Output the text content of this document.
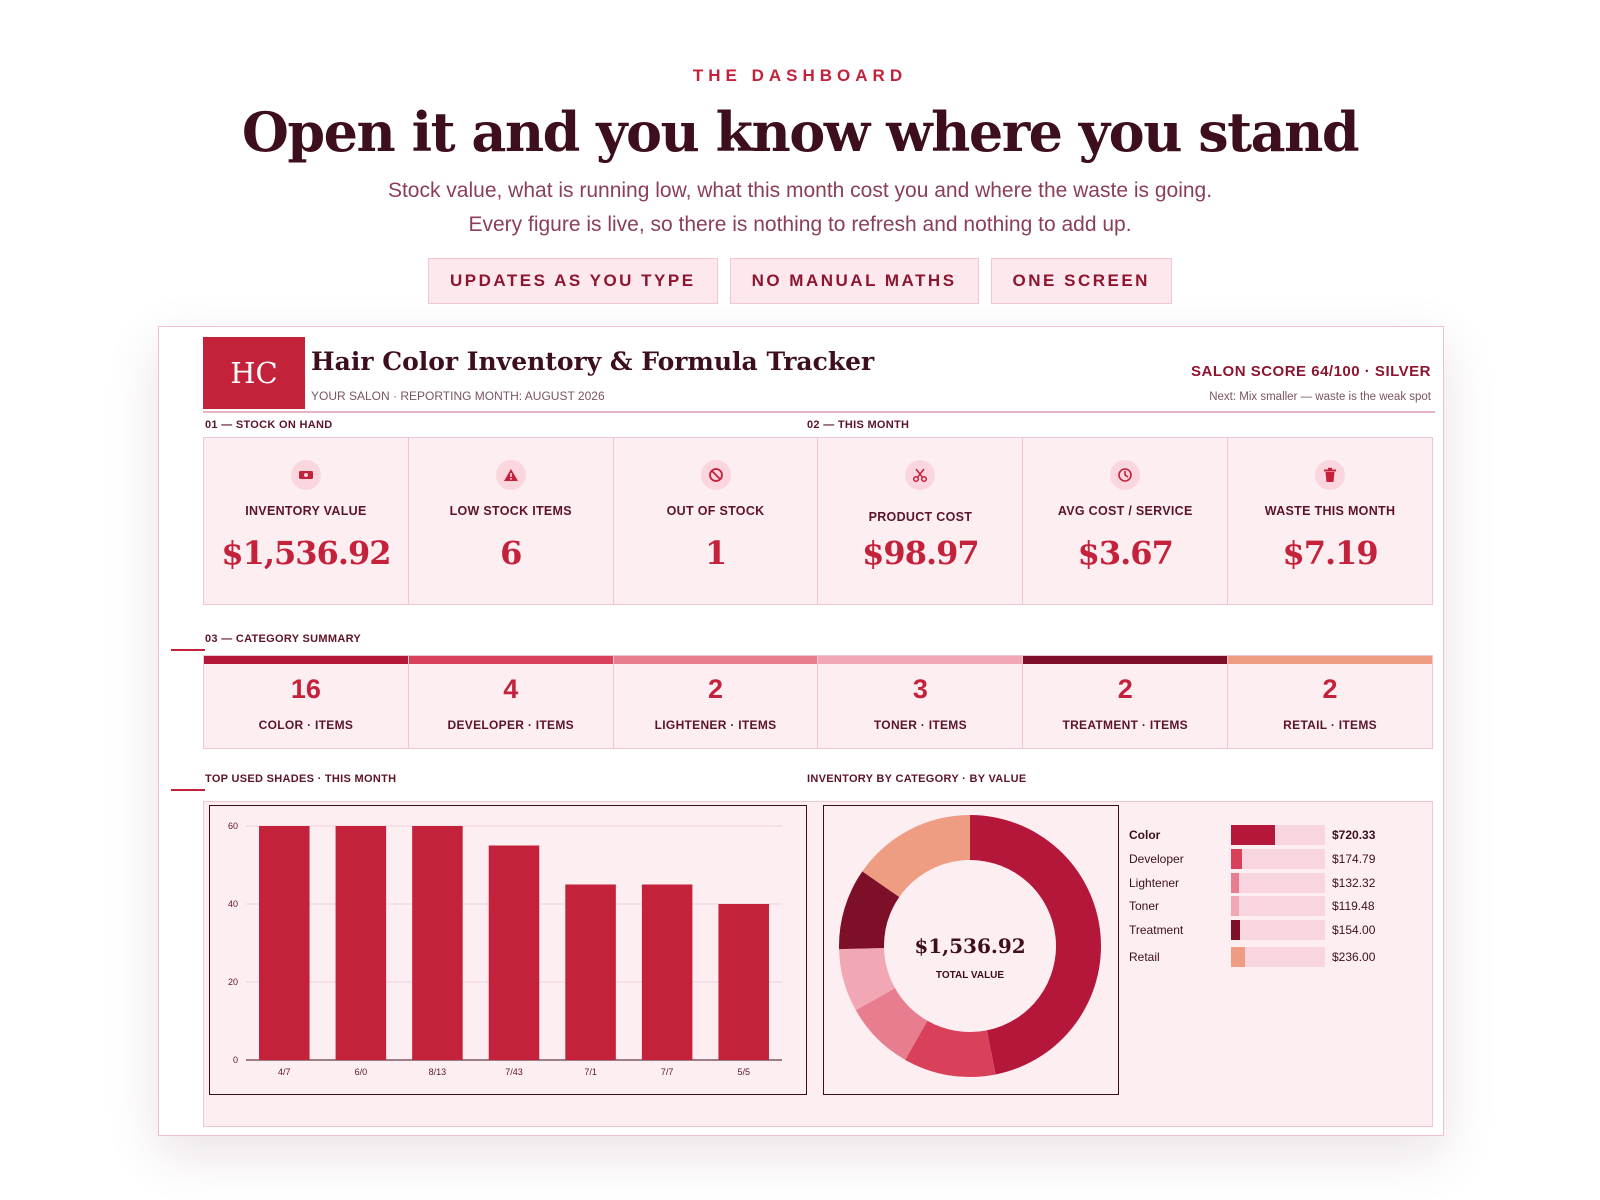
THE DASHBOARD
Open it and you know where you stand
Stock value, what is running low, what this month cost you and where the waste is going. Every figure is live, so there is nothing to refresh and nothing to add up.
UPDATES AS YOU TYPE	NO MANUAL MATHS	ONE SCREEN
HC	Hair Color Inventory & Formula Tracker
YOUR SALON · REPORTING MONTH: AUGUST 2026
SALON SCORE 64/100 · SILVER
Next: Mix smaller — waste is the weak spot
01 — STOCK ON HAND	02 — THIS MONTH
INVENTORY VALUE
$1,536.92
LOW STOCK ITEMS
6
OUT OF STOCK
1
PRODUCT COST
$98.97
AVG COST / SERVICE
$3.67
WASTE THIS MONTH
$7.19
03 — CATEGORY SUMMARY
16
COLOR · ITEMS
4
DEVELOPER · ITEMS
2
LIGHTENER · ITEMS
3
TONER · ITEMS
2
TREATMENT · ITEMS
2
RETAIL · ITEMS
TOP USED SHADES · THIS MONTH	INVENTORY BY CATEGORY · BY VALUE
0
20
40
60
4/7	6/0	8/13	7/43	7/1	7/7	5/5
$1,536.92
TOTAL VALUE
Color	$720.33
Developer	$174.79
Lightener	$132.32
Toner	$119.48
Treatment	$154.00
Retail	$236.00
